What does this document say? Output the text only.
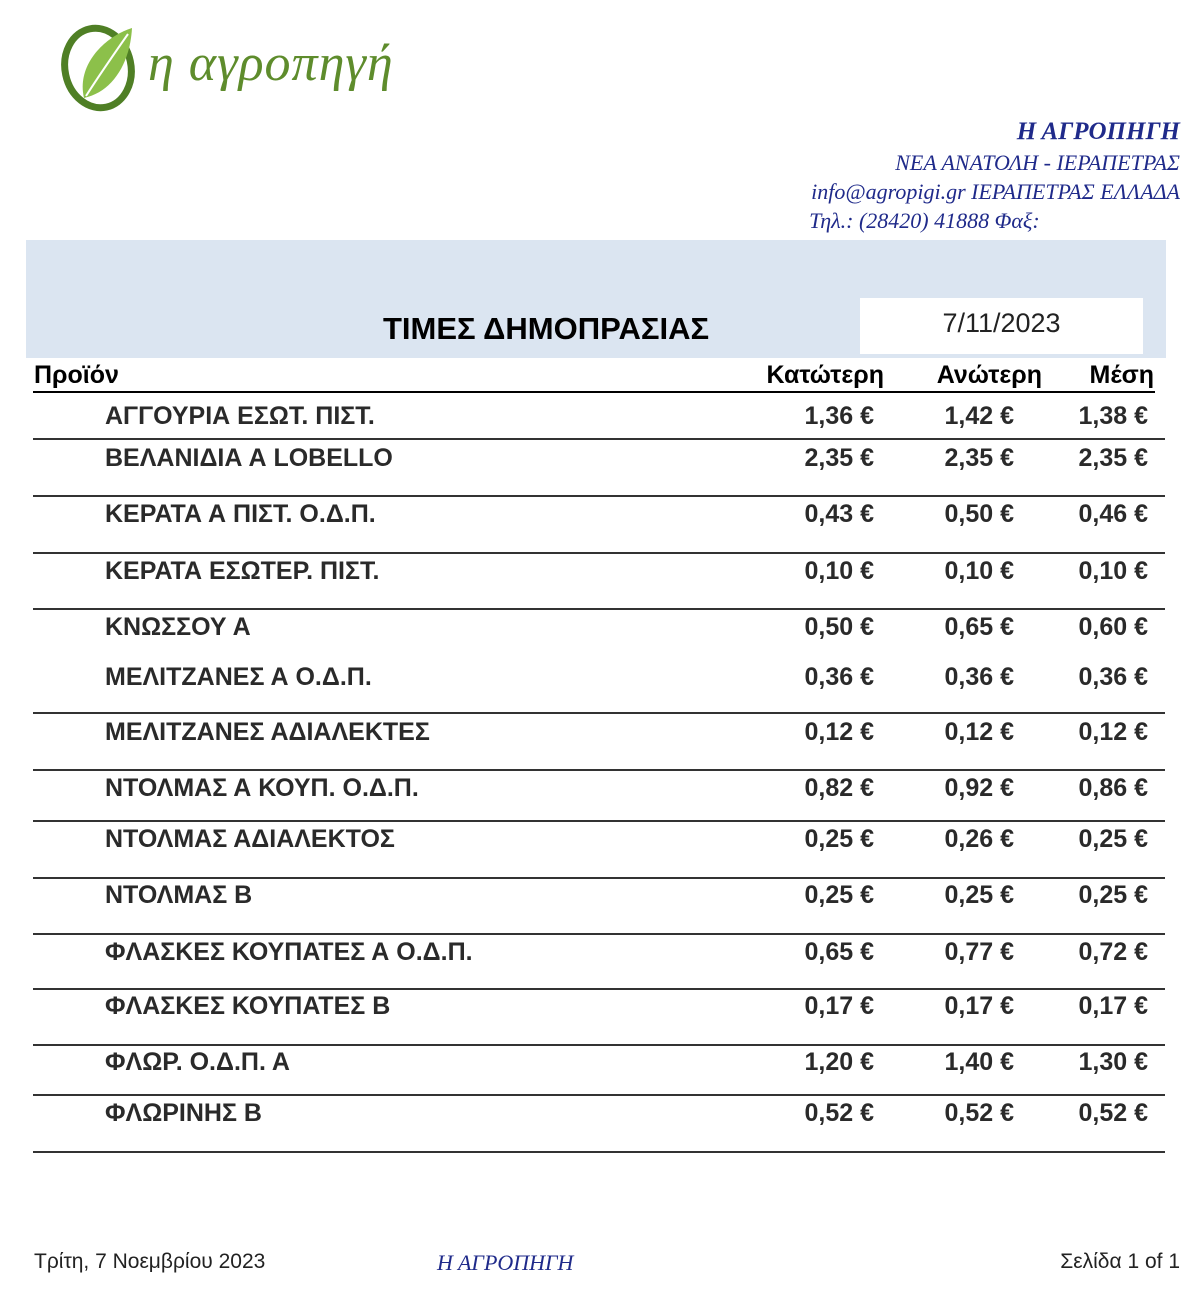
η αγροπηγή
Η ΑΓΡΟΠΗΓΗ
ΝΕΑ ΑΝΑΤΟΛΗ - ΙΕΡΑΠΕΤΡΑΣ
info@agropigi.gr ΙΕΡΑΠΕΤΡΑΣ ΕΛΛΑΔΑ
Τηλ.: (28420) 41888 Φαξ:
ΤΙΜΕΣ ΔΗΜΟΠΡΑΣΙΑΣ	7/11/2023
Προϊόν	Κατώτερη Ανώτερη Μέση
ΑΓΓΟΥΡΙΑ ΕΣΩΤ. ΠΙΣΤ.	1,36 €	1,42 €	1,38 €
ΒΕΛΑΝΙΔΙΑ Α LOBELLO	2,35 €	2,35 €	2,35 €
ΚΕΡΑΤΑ Α ΠΙΣΤ. Ο.Δ.Π.	0,43 €	0,50 €	0,46 €
ΚΕΡΑΤΑ ΕΣΩΤΕΡ. ΠΙΣΤ.	0,10 €	0,10 €	0,10 €
ΚΝΩΣΣΟΥ Α	0,50 €	0,65 €	0,60 €
ΜΕΛΙΤΖΑΝΕΣ Α Ο.Δ.Π.	0,36 €	0,36 €	0,36 €
ΜΕΛΙΤΖΑΝΕΣ ΑΔΙΑΛΕΚΤΕΣ	0,12 €	0,12 €	0,12 €
ΝΤΟΛΜΑΣ Α ΚΟΥΠ. Ο.Δ.Π.	0,82 €	0,92 €	0,86 €
ΝΤΟΛΜΑΣ ΑΔΙΑΛΕΚΤΟΣ	0,25 €	0,26 €	0,25 €
ΝΤΟΛΜΑΣ Β	0,25 €	0,25 €	0,25 €
ΦΛΑΣΚΕΣ ΚΟΥΠΑΤΕΣ Α Ο.Δ.Π.	0,65 €	0,77 €	0,72 €
ΦΛΑΣΚΕΣ ΚΟΥΠΑΤΕΣ Β	0,17 €	0,17 €	0,17 €
ΦΛΩΡ. Ο.Δ.Π. Α	1,20 €	1,40 €	1,30 €
ΦΛΩΡΙΝΗΣ Β	0,52 €	0,52 €	0,52 €
Τρίτη, 7 Νοεμβρίου 2023	Η ΑΓΡΟΠΗΓΗ	Σελίδα 1 of 1
